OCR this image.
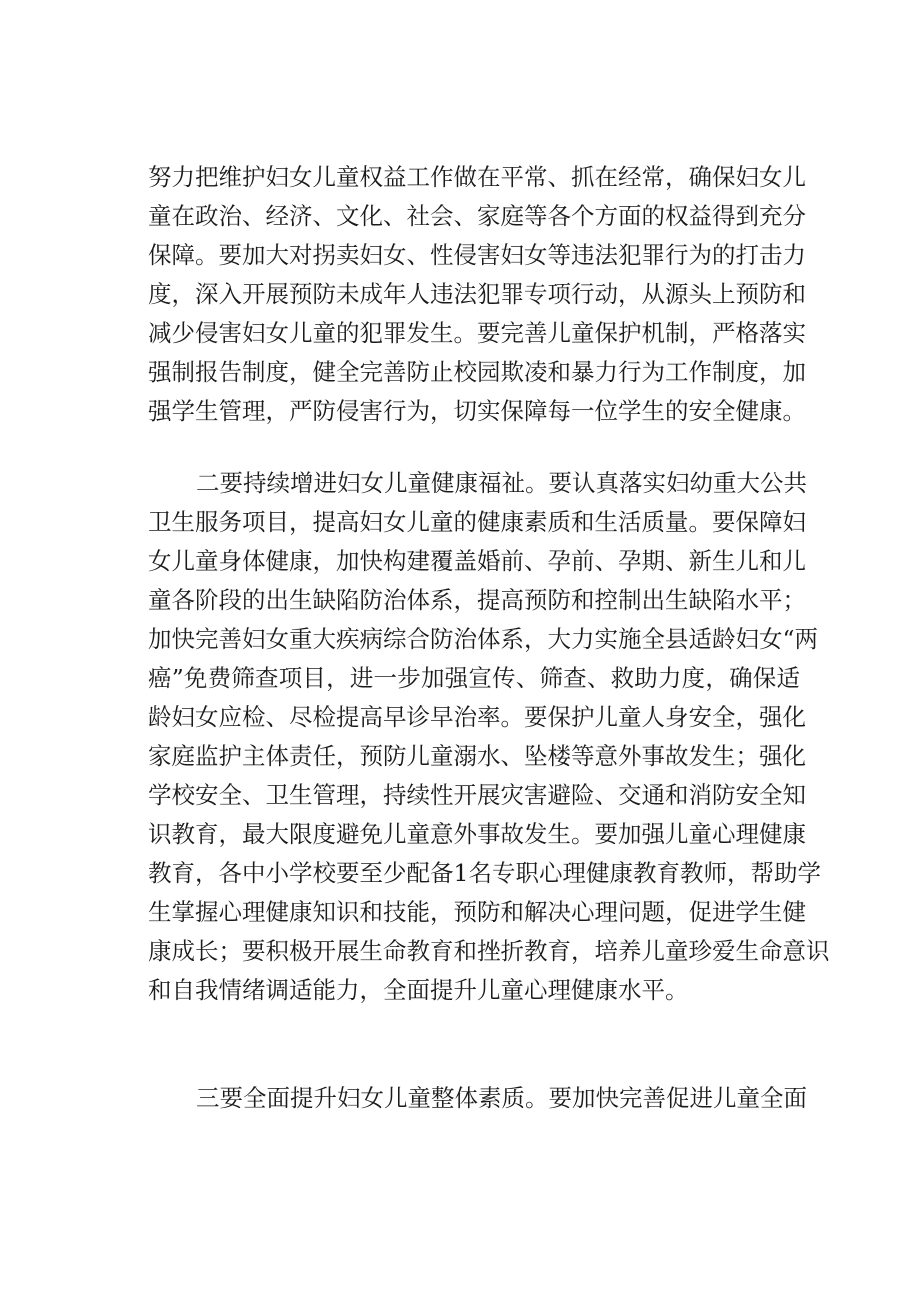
努力把维护妇女儿童权益工作做在平常、抓在经常，确保妇女儿
童在政治、经济、文化、社会、家庭等各个方面的权益得到充分
保障。要加大对拐卖妇女、性侵害妇女等违法犯罪行为的打击力
度，深入开展预防未成年人违法犯罪专项行动，从源头上预防和
减少侵害妇女儿童的犯罪发生。要完善儿童保护机制，严格落实
强制报告制度，健全完善防止校园欺凌和暴力行为工作制度，加
强学生管理，严防侵害行为，切实保障每一位学生的安全健康。
二要持续增进妇女儿童健康福祉。要认真落实妇幼重大公共
卫生服务项目，提高妇女儿童的健康素质和生活质量。要保障妇
女儿童身体健康，加快构建覆盖婚前、孕前、孕期、新生儿和儿
童各阶段的出生缺陷防治体系，提高预防和控制出生缺陷水平；
加快完善妇女重大疾病综合防治体系，大力实施全县适龄妇女“两
癌”免费筛查项目，进一步加强宣传、筛查、救助力度，确保适
龄妇女应检、尽检提高早诊早治率。要保护儿童人身安全，强化
家庭监护主体责任，预防儿童溺水、坠楼等意外事故发生；强化
学校安全、卫生管理，持续性开展灾害避险、交通和消防安全知
识教育，最大限度避免儿童意外事故发生。要加强儿童心理健康
教育，各中小学校要至少配备1名专职心理健康教育教师，帮助学
生掌握心理健康知识和技能，预防和解决心理问题，促进学生健
康成长；要积极开展生命教育和挫折教育，培养儿童珍爱生命意识
和自我情绪调适能力，全面提升儿童心理健康水平。
三要全面提升妇女儿童整体素质。要加快完善促进儿童全面
